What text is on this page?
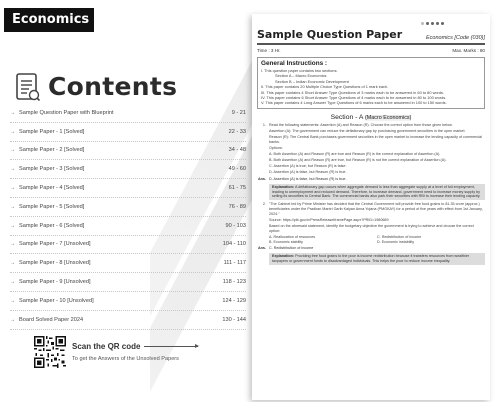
Economics
Contents
→ Sample Question Paper with Blueprint	9 - 21
→ Sample Paper - 1 [Solved]	22 - 33
→ Sample Paper - 2 [Solved]	34 - 48
→ Sample Paper - 3 [Solved]	49 - 60
→ Sample Paper - 4 [Solved]	61 - 75
→ Sample Paper - 5 [Solved]	76 - 89
→ Sample Paper - 6 [Solved]	90 - 103
→ Sample Paper - 7 [Unsolved]	104 - 110
→ Sample Paper - 8 [Unsolved]	111 - 117
→ Sample Paper - 9 [Unsolved]	118 - 123
→ Sample Paper - 10 [Unsolved]	124 - 129
→ Board Solved Paper 2024	130 - 144
Scan the QR code
To get the Answers of the Unsolved Papers
Sample Question Paper	Economics [Code (030)]
Time : 3 Hr.	Max. Marks : 80
General Instructions :
I. This question paper contains two sections:
Section A – Macro Economics
Section B – Indian Economic Development
II. This paper contains 20 Multiple Choice Type Questions of 1 mark each.
III. This paper contains 4 Short Answer Type Questions of 3 marks each to be answered in 60 to 80 words.
IV. This paper contains 6 Short Answer Type Questions of 4 marks each to be answered in 80 to 100 words.
V. This paper contains 4 Long Answer Type Questions of 6 marks each to be answered in 100 to 150 words.
Section - A (Macro Economics)
1. Read the following statements: Assertion (A) and Reason (R). Choose the correct option from those given below.

Assertion (A): The government can reduce the deflationary gap by purchasing government securities in the open market.

Reason (R): The Central Bank purchases government securities in the open market to increase the lending capacity of commercial banks.

Options:

A. Both Assertion (A) and Reason (R) are true and Reason (R) is the correct explanation of Assertion (A).

B. Both Assertion (A) and Reason (R) are true, but Reason (R) is not the correct explanation of Assertion (A).

C. Assertion (A) is true, but Reason (R) is false.

D. Assertion (A) is false, but Reason (R) is true.

Ans. D. Assertion (A) is false, but Reason (R) is true.
Explanation: A deflationary gap occurs when aggregate demand is less than aggregate supply at a level of full employment, leading to unemployment and reduced demand. Therefore, to increase demand, government need to increase money supply by selling its securities to Central Bank. The commercial banks also park their securities with RBI to increase their lending capacity.
2. "The Cabinet led by Prime Minister has decided that the Central Government will provide free food grains to 81.35 crore (approx.) beneficiaries under the Pradhan Mantri Garib Kalyan Anna Yojana (PMGKAY) for a period of five years with effect from 1st January, 2024."

Source: https://pib.gov.in/PressReleaseIframePage.aspx?PRID=1980689

Based on the aforesaid statement, identify the budgetary objective the government is trying to achieve and choose the correct option:

A. Reallocation of resources	C. Redistribution of income
B. Economic stability	D. Economic instability
Ans. C. Redistribution of income
Explanation: Providing free food grains to the poor is income redistribution because it transfers resources from wealthier taxpayers or government funds to disadvantaged individuals. This helps the poor to reduce income inequality.
